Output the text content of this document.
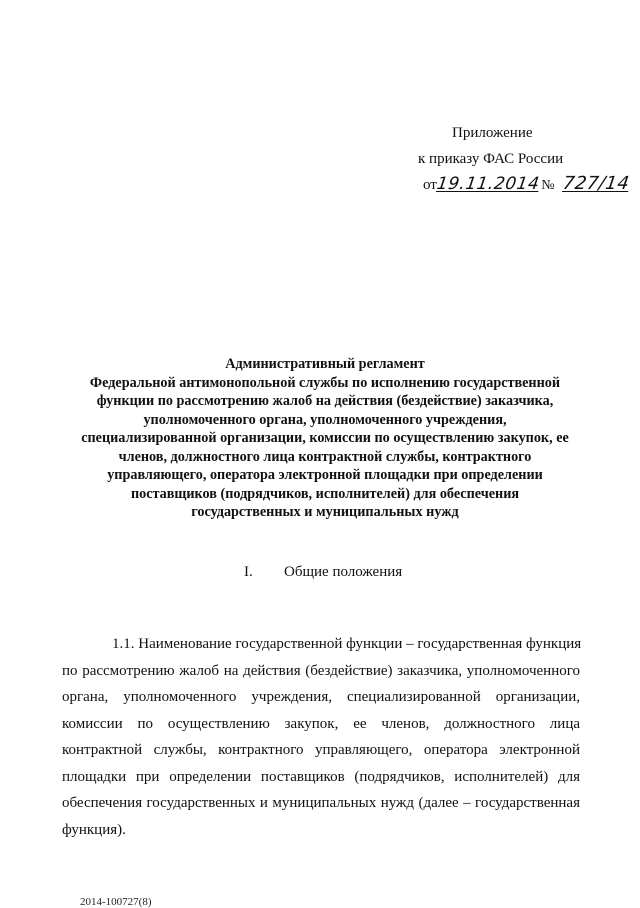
Приложение
к приказу ФАС России
от19.11.2014№ 727/14
Административный регламент
Федеральной антимонопольной службы по исполнению государственной
функции по рассмотрению жалоб на действия (бездействие) заказчика,
уполномоченного органа, уполномоченного учреждения,
специализированной организации, комиссии по осуществлению закупок, ее
членов, должностного лица контрактной службы, контрактного
управляющего, оператора электронной площадки при определении
поставщиков (подрядчиков, исполнителей) для обеспечения
государственных и муниципальных нужд
I. Общие положения
1.1. Наименование государственной функции – государственная функция
по рассмотрению жалоб на действия (бездействие) заказчика, уполномоченного
органа, уполномоченного учреждения, специализированной организации,
комиссии по осуществлению закупок, ее членов, должностного лица
контрактной службы, контрактного управляющего, оператора электронной
площадки при определении поставщиков (подрядчиков, исполнителей) для
обеспечения государственных и муниципальных нужд (далее – государственная
функция).
2014-100727(8)
